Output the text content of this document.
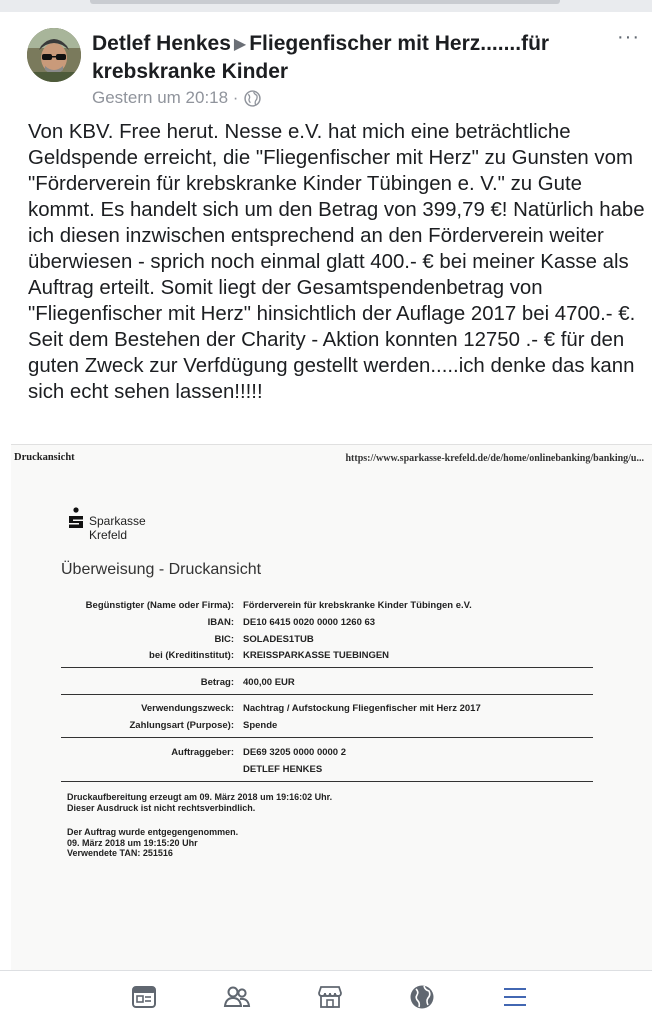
Detlef Henkes ▶ Fliegenfischer mit Herz.......für krebskranke Kinder
···
Gestern um 20:18 ·
Von KBV. Free herut. Nesse e.V. hat mich eine beträchtliche Geldspende erreicht, die "Fliegenfischer mit Herz" zu Gunsten vom "Förderverein für krebskranke Kinder Tübingen e. V." zu Gute kommt. Es handelt sich um den Betrag von 399,79 €! Natürlich habe ich diesen inzwischen entsprechend an den Förderverein weiter überwiesen - sprich noch einmal glatt 400.- € bei meiner Kasse als Auftrag erteilt. Somit liegt der Gesamtspendenbetrag von "Fliegenfischer mit Herz" hinsichtlich der Auflage 2017 bei 4700.- €. Seit dem Bestehen der Charity - Aktion konnten 12750 .- € für den guten Zweck zur Verfdügung gestellt werden.....ich denke das kann sich echt sehen lassen!!!!!
Druckansicht	https://www.sparkasse-krefeld.de/de/home/onlinebanking/banking/u...
Sparkasse
Krefeld
Überweisung - Druckansicht
Begünstigter (Name oder Firma): Förderverein für krebskranke Kinder Tübingen e.V.
IBAN: DE10 6415 0020 0000 1260 63
BIC: SOLADES1TUB
bei (Kreditinstitut): KREISSPARKASSE TUEBINGEN
Betrag: 400,00 EUR
Verwendungszweck: Nachtrag / Aufstockung Fliegenfischer mit Herz 2017
Zahlungsart (Purpose): Spende
Auftraggeber: DE69 3205 0000 0000 2
DETLEF HENKES
Druckaufbereitung erzeugt am 09. März 2018 um 19:16:02 Uhr.
Dieser Ausdruck ist nicht rechtsverbindlich.
Der Auftrag wurde entgegengenommen.
09. März 2018 um 19:15:20 Uhr
Verwendete TAN: 251516
